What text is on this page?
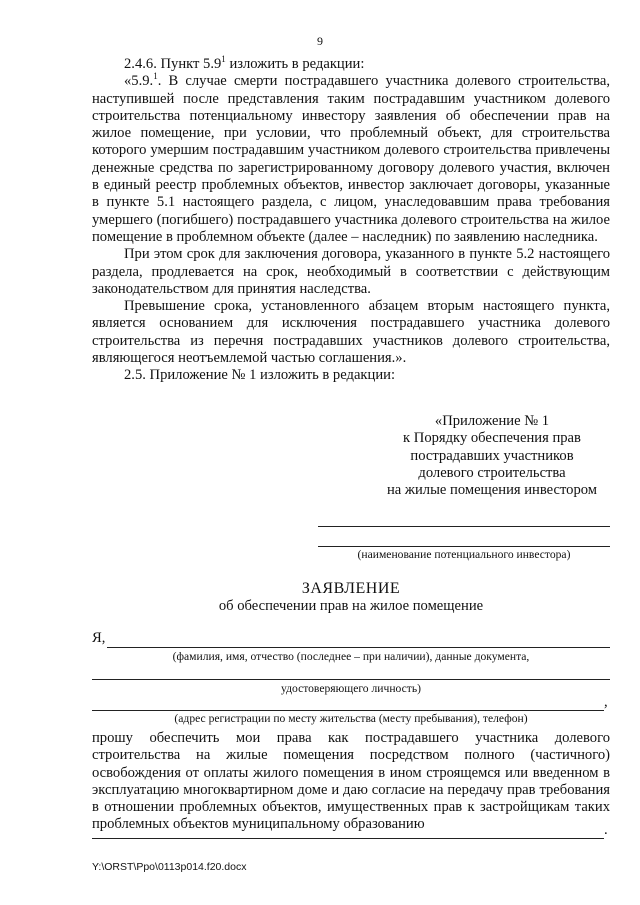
9

2.4.6. Пункт $5.9^1$ изложить в редакции:

«5.9.$^1$. В случае смерти пострадавшего участника долевого строительства, наступившей после представления таким пострадавшим участником долевого строительства потенциальному инвестору заявления об обеспечении прав на жилое помещение, при условии, что проблемный объект, для строительства которого умершим пострадавшим участником долевого строительства привлечены денежные средства по зарегистрированному договору долевого участия, включен в единый реестр проблемных объектов, инвестор заключает договоры, указанные в пункте 5.1 настоящего раздела, с лицом, унаследовавшим права требования умершего (погибшего) пострадавшего участника долевого строительства на жилое помещение в проблемном объекте (далее – наследник) по заявлению наследника.

При этом срок для заключения договора, указанного в пункте 5.2 настоящего раздела, продлевается на срок, необходимый в соответствии с действующим законодательством для принятия наследства.

Превышение срока, установленного абзацем вторым настоящего пункта, является основанием для исключения пострадавшего участника долевого строительства из перечня пострадавших участников долевого строительства, являющегося неотъемлемой частью соглашения.».

2.5. Приложение № 1 изложить в редакции:

«Приложение № 1
к Порядку обеспечения прав
пострадавших участников
долевого строительства
на жилые помещения инвестором
(наименование потенциального инвестора)
ЗАЯВЛЕНИЕ
об обеспечении прав на жилое помещение
Я,
(фамилия, имя, отчество (последнее – при наличии), данные документа,
удостоверяющего личность)
,
(адрес регистрации по месту жительства (месту пребывания), телефон)
прошу обеспечить мои права как пострадавшего участника долевого строительства на жилые помещения посредством полного (частичного) освобождения от оплаты жилого помещения в ином строящемся или введенном в эксплуатацию многоквартирном доме и даю согласие на передачу прав требования в отношении проблемных объектов, имущественных прав к застройщикам таких проблемных объектов муниципальному образованию	.
Y:\ORST\Ppo\0113p014.f20.docx
